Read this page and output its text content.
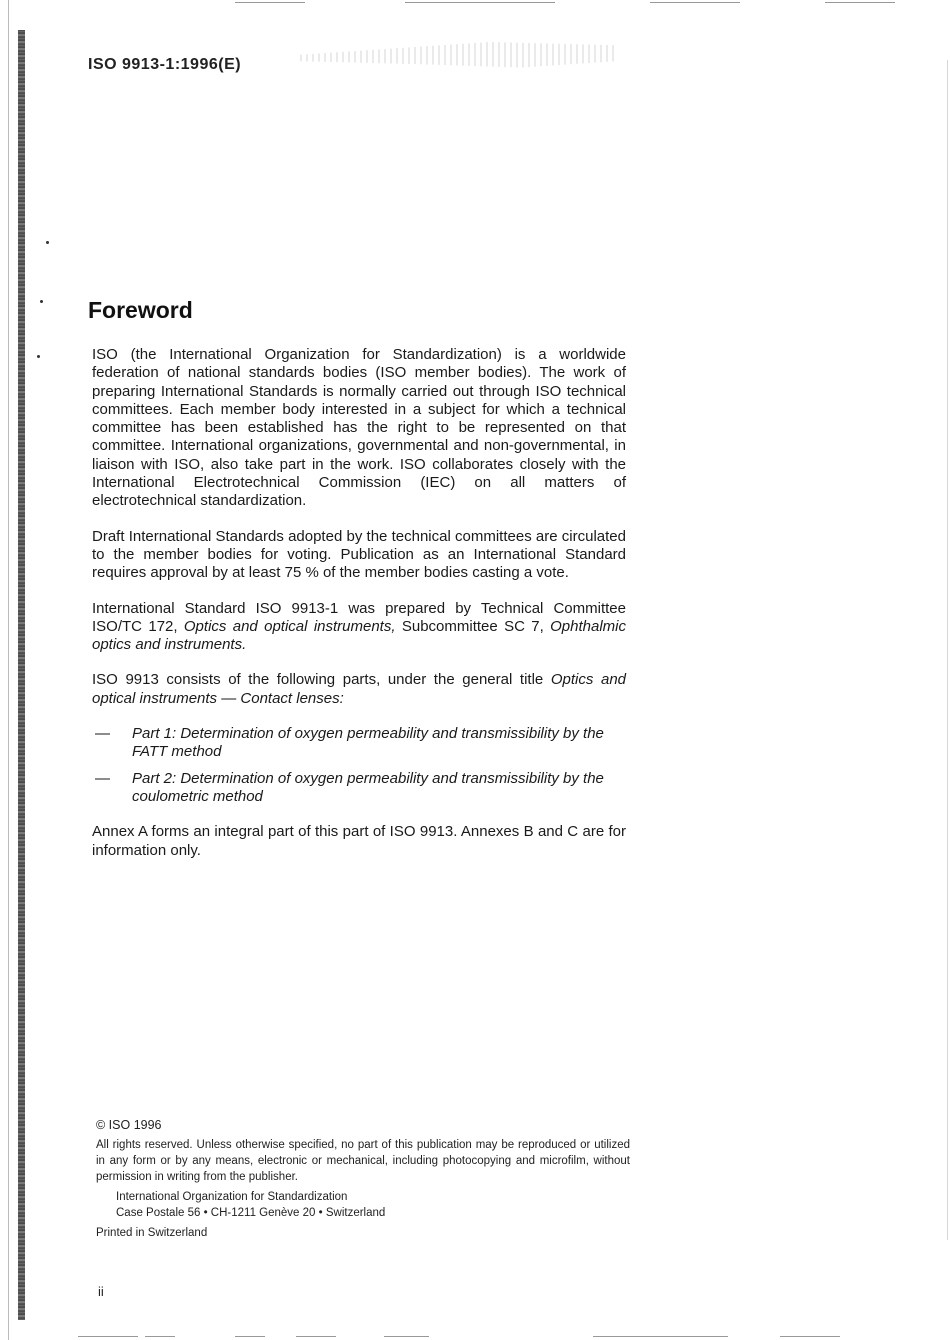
ISO 9913-1:1996(E)
Foreword

ISO (the International Organization for Standardization) is a worldwide federation of national standards bodies (ISO member bodies). The work of preparing International Standards is normally carried out through ISO technical committees. Each member body interested in a subject for which a technical committee has been established has the right to be represented on that committee. International organizations, governmental and non-governmental, in liaison with ISO, also take part in the work. ISO collaborates closely with the International Electrotechnical Commission (IEC) on all matters of electrotechnical standardization.

Draft International Standards adopted by the technical committees are circulated to the member bodies for voting. Publication as an International Standard requires approval by at least 75 % of the member bodies casting a vote.

International Standard ISO 9913-1 was prepared by Technical Committee ISO/TC 172, Optics and optical instruments, Subcommittee SC 7, Ophthalmic optics and instruments.

ISO 9913 consists of the following parts, under the general title Optics and optical instruments — Contact lenses:

— Part 1: Determination of oxygen permeability and transmissibility by the FATT method
— Part 2: Determination of oxygen permeability and transmissibility by the coulometric method

Annex A forms an integral part of this part of ISO 9913. Annexes B and C are for information only.

© ISO 1996
All rights reserved. Unless otherwise specified, no part of this publication may be reproduced or utilized in any form or by any means, electronic or mechanical, including photocopying and microfilm, without permission in writing from the publisher.
International Organization for Standardization
Case Postale 56 • CH-1211 Genève 20 • Switzerland
Printed in Switzerland
ii
